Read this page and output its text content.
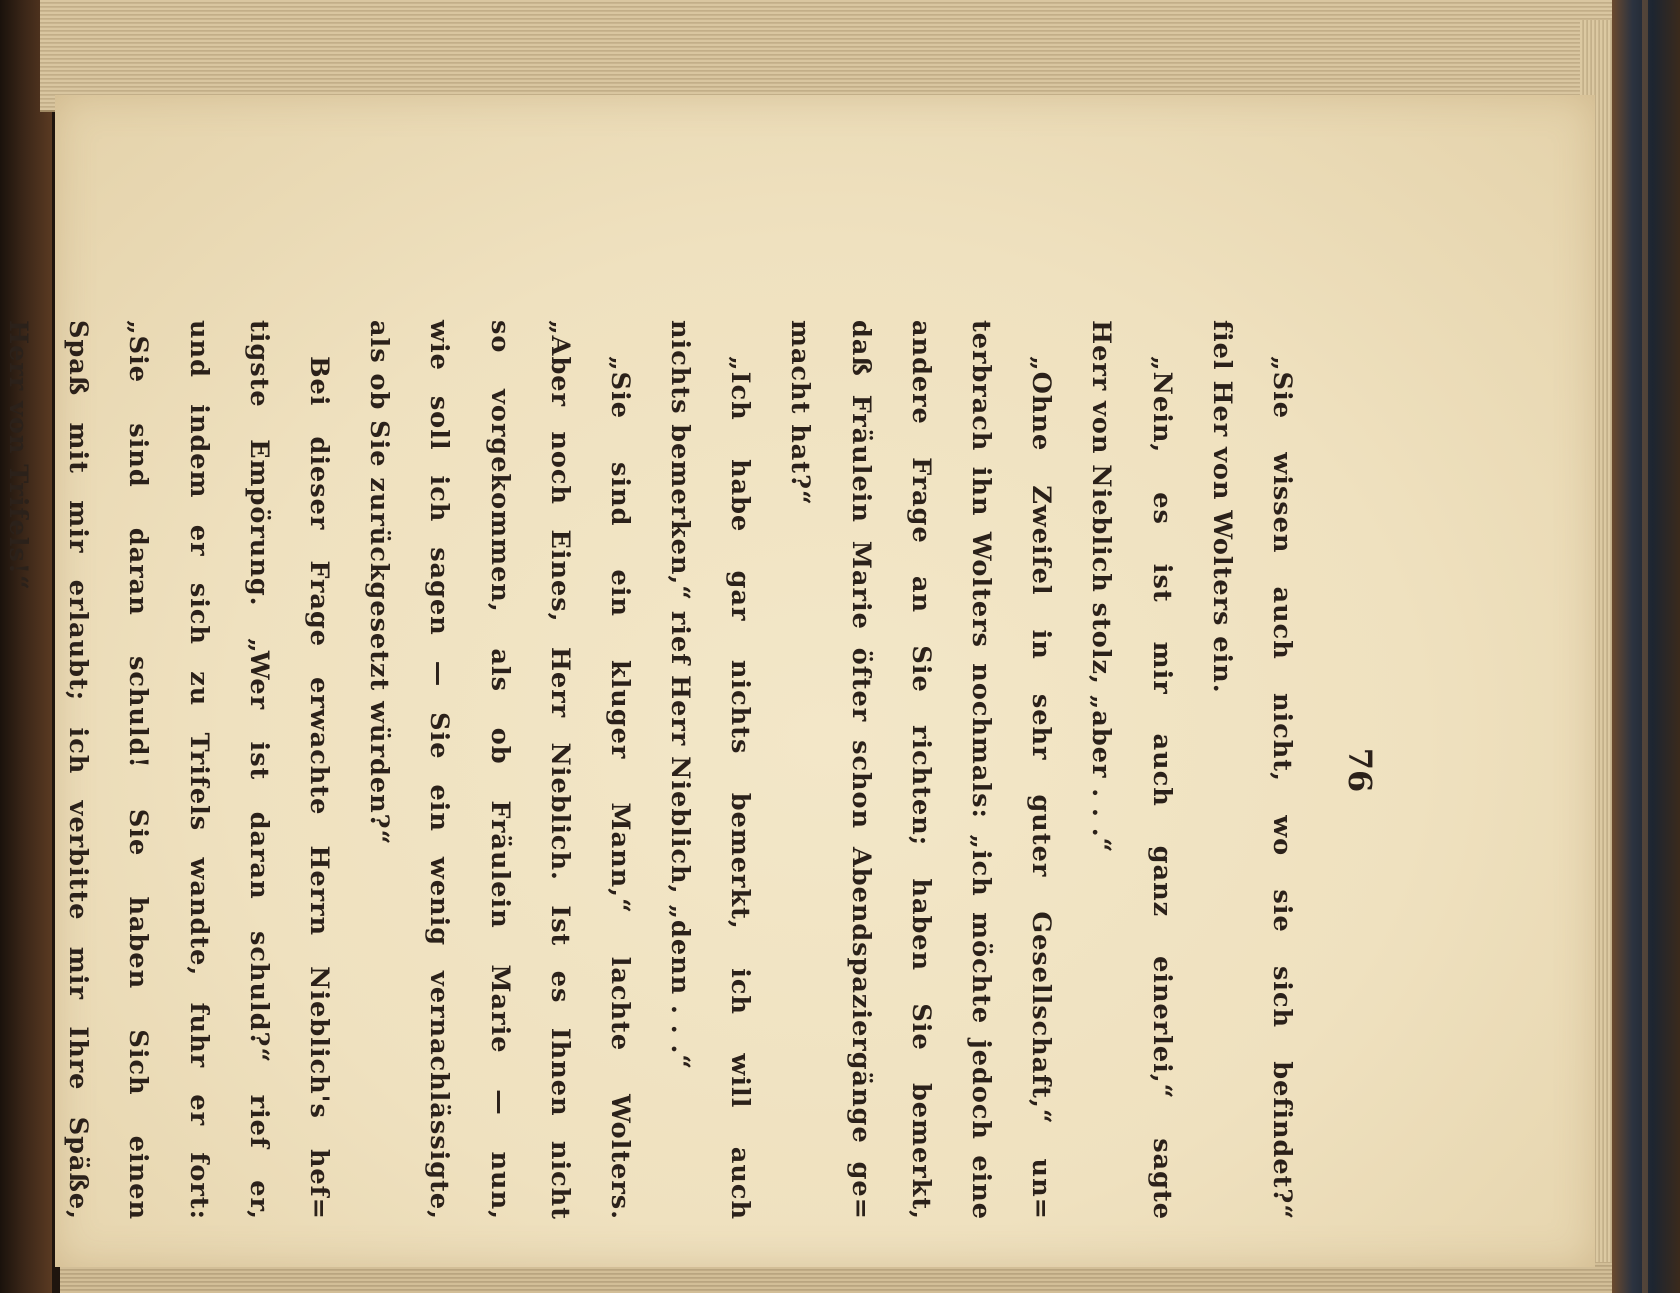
76
„Sie wissen auch nicht, wo sie sich befindet?“
fiel Her von Wolters ein.
„Nein, es ist mir auch ganz einerlei,“ sagte
Herr von Nieblich stolz, „aber . . .“
„Ohne Zweifel in sehr guter Gesellschaft,“ un=
terbrach ihn Wolters nochmals: „ich möchte jedoch eine
andere Frage an Sie richten; haben Sie bemerkt,
daß Fräulein Marie öfter schon Abendspaziergänge ge=
macht hat?“
„Ich habe gar nichts bemerkt, ich will auch
nichts bemerken,“ rief Herr Nieblich, „denn . . .“
„Sie sind ein kluger Mann,“ lachte Wolters.
„Aber noch Eines, Herr Nieblich. Ist es Ihnen nicht
so vorgekommen, als ob Fräulein Marie — nun,
wie soll ich sagen — Sie ein wenig vernachlässigte,
als ob Sie zurückgesetzt würden?“
Bei dieser Frage erwachte Herrn Nieblich's hef=
tigste Empörung. „Wer ist daran schuld?“ rief er,
und indem er sich zu Trifels wandte, fuhr er fort:
„Sie sind daran schuld! Sie haben Sich einen
Spaß mit mir erlaubt; ich verbitte mir Ihre Späße,
Herr von Trifels!“
